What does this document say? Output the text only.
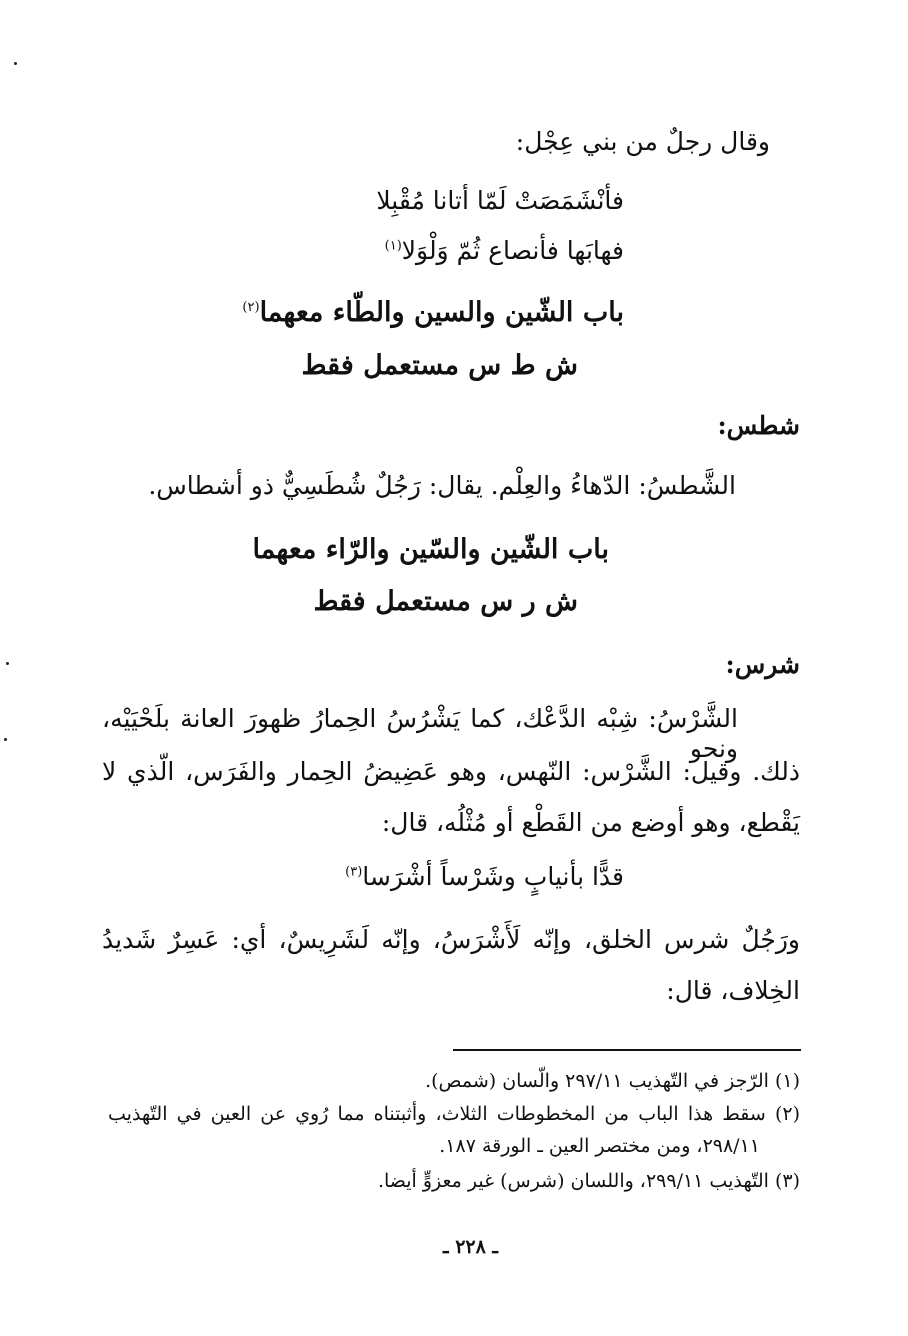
وقال رجلٌ من بني عِجْل:
فأنْشَمَصَتْ لَمّا أتانا مُقْبِلا
فهابَها فأنصاع ثُمّ وَلْوَلا$^{(١)}$
باب الشّين والسين والطّاء معهما$^{(٢)}$
ش ط س مستعمل فقط
شطس:
الشَّطسُ: الدّهاءُ والعِلْم. يقال: رَجُلٌ شُطَسِيٌّ ذو أشطاس.
باب الشّين والسّين والرّاء معهما
ش ر س مستعمل فقط
شرس:
الشَّرْسُ: شِبْه الدَّعْك، كما يَشْرُسُ الحِمارُ ظهورَ العانة بلَحْيَيْه، ونحو
ذلك. وقيل: الشَّرْس: النّهس، وهو عَضِيضُ الحِمار والفَرَس، الّذي لا
يَقْطع، وهو أوضع من القَطْع أو مُثْلُه، قال:
قدًّا بأنيابٍ وشَرْساً أشْرَسا$^{(٣)}$
ورَجُلٌ شرس الخلق، وإنّه لَأَشْرَسُ، وإنّه لَشَرِيسٌ، أي: عَسِرٌ شَديدُ
الخِلاف، قال:
(١) الرّجز في التّهذيب ٢٩٧/١١ والّسان (شمص).
(٢) سقط هذا الباب من المخطوطات الثلاث، وأثبتناه مما رُوي عن العين في التّهذيب
٢٩٨/١١، ومن مختصر العين ـ الورقة ١٨٧.
(٣) التّهذيب ٢٩٩/١١، واللسان (شرس) غير معزوٍّ أيضا.
ـ ٢٢٨ ـ
